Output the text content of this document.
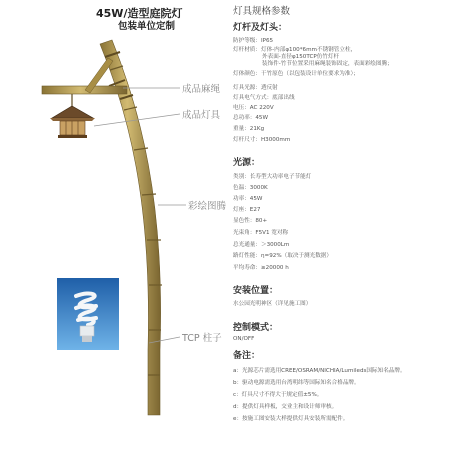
45W/造型庭院灯
包装单位定制
成品麻绳
成品灯具
彩绘图腾
TCP 柱子
灯具规格参数
灯杆及灯头：
防护等级：IP65
灯杆材质：灯体-内部φ100*6mm不锈钢管立柱，
外表面-直径φ150TCP仿竹灯杆
装饰件-竹节位置采用麻绳装饰固定，表面彩绘图腾；
灯体颜色：干竹原色（以包装设计单位要求为准）；
灯具光源：透反射
灯具电气方式：底部出线
电压：AC 220V
总功率：45W
重量：21Kg
灯杆尺寸：H3000mm
光源：
类别：长寿型大功率电子节能灯
色温：3000K
功率：45W
灯座：E27
显色性：80+
光束角：F5V1 宽对称
总光通量：＞3000Lm
路灯性能：η=92%（取决于测光数据）
平均寿命：≥20000 h
安装位置：
水公园光明神区（详见施工图）
控制模式：
ON/OFF
备注：
a：光源芯片需选用CREE/OSRAM/NICHIA/Lumileds国际知名品牌。
b：驱动电源需选用台湾明纬等国际知名合格品牌。
c：灯具尺寸不得大于规定值±5%。
d：提供灯具样板，交业主和设计师审核。
e：按施工图安装大样提供灯具安装所需配件。
